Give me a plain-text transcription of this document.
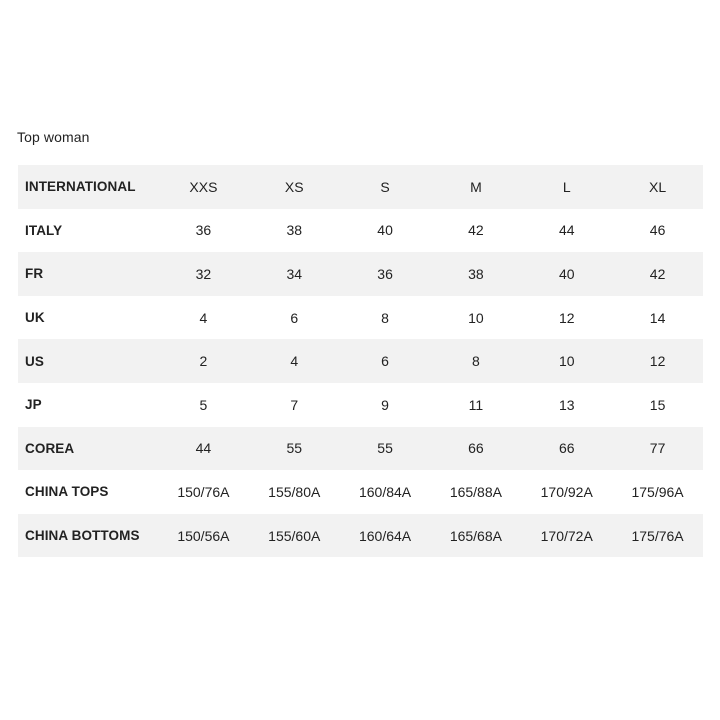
Top woman
INTERNATIONAL	XXS	XS	S	M	L	XL
ITALY	36	38	40	42	44	46
FR	32	34	36	38	40	42
UK	4	6	8	10	12	14
US	2	4	6	8	10	12
JP	5	7	9	11	13	15
COREA	44	55	55	66	66	77
CHINA TOPS	150/76A	155/80A	160/84A	165/88A	170/92A	175/96A
CHINA BOTTOMS	150/56A	155/60A	160/64A	165/68A	170/72A	175/76A
